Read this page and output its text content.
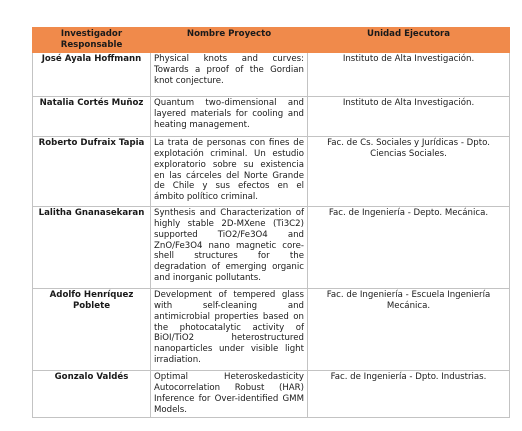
Investigador Responsable	Nombre Proyecto	Unidad Ejecutora
José Ayala Hoffmann	Physical knots and curves: Towards a proof of the Gordian knot conjecture.	Instituto de Alta Investigación.
Natalia Cortés Muñoz	Quantum two-dimensional and layered materials for cooling and heating management.	Instituto de Alta Investigación.
Roberto Dufraix Tapia	La trata de personas con fines de explotación criminal. Un estudio exploratorio sobre su existencia en las cárceles del Norte Grande de Chile y sus efectos en el ámbito político criminal.	Fac. de Cs. Sociales y Jurídicas - Dpto. Ciencias Sociales.
Lalitha Gnanasekaran	Synthesis and Characterization of highly stable 2D-MXene (Ti3C2) supported TiO2/Fe3O4 and ZnO/Fe3O4 nano magnetic core-shell structures for the degradation of emerging organic and inorganic pollutants.	Fac. de Ingeniería - Depto. Mecánica.
Adolfo Henríquez Poblete	Development of tempered glass with self-cleaning and antimicrobial properties based on the photocatalytic activity of BiOI/TiO2 heterostructured nanoparticles under visible light irradiation.	Fac. de Ingeniería - Escuela Ingeniería Mecánica.
Gonzalo Valdés	Optimal Heteroskedasticity Autocorrelation Robust (HAR) Inference for Over-identified GMM Models.	Fac. de Ingeniería - Dpto. Industrias.
